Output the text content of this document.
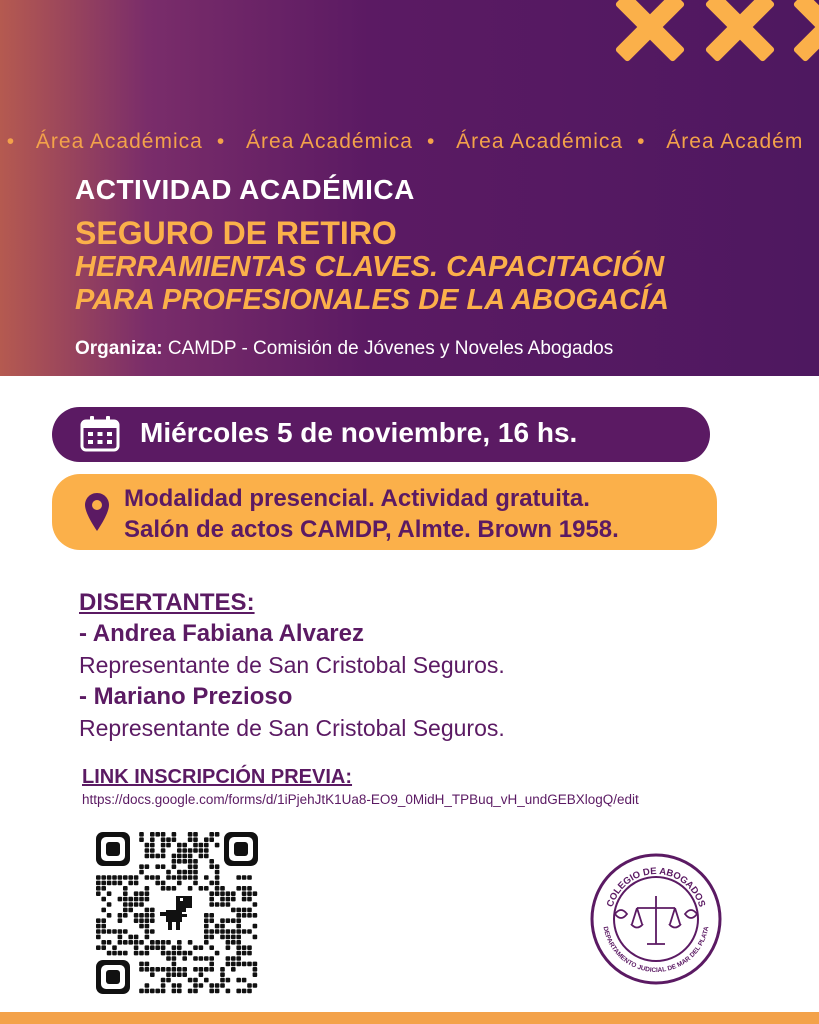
• Área Académica • Área Académica • Área Académica • Área Académ
ACTIVIDAD ACADÉMICA
SEGURO DE RETIRO
HERRAMIENTAS CLAVES. CAPACITACIÓN
PARA PROFESIONALES DE LA ABOGACÍA
Organiza: CAMDP - Comisión de Jóvenes y Noveles Abogados
Miércoles 5 de noviembre, 16 hs.
Modalidad presencial. Actividad gratuita.
Salón de actos CAMDP, Almte. Brown 1958.
DISERTANTES:
- Andrea Fabiana Alvarez
Representante de San Cristobal Seguros.
- Mariano Prezioso
Representante de San Cristobal Seguros.
LINK INSCRIPCIÓN PREVIA:
https://docs.google.com/forms/d/1iPjehJtK1Ua8-EO9_0MidH_TPBuq_vH_undGEBXlogQ/edit
COLEGIO DE ABOGADOS
DEPARTAMENTO JUDICIAL DE MAR DEL PLATA
